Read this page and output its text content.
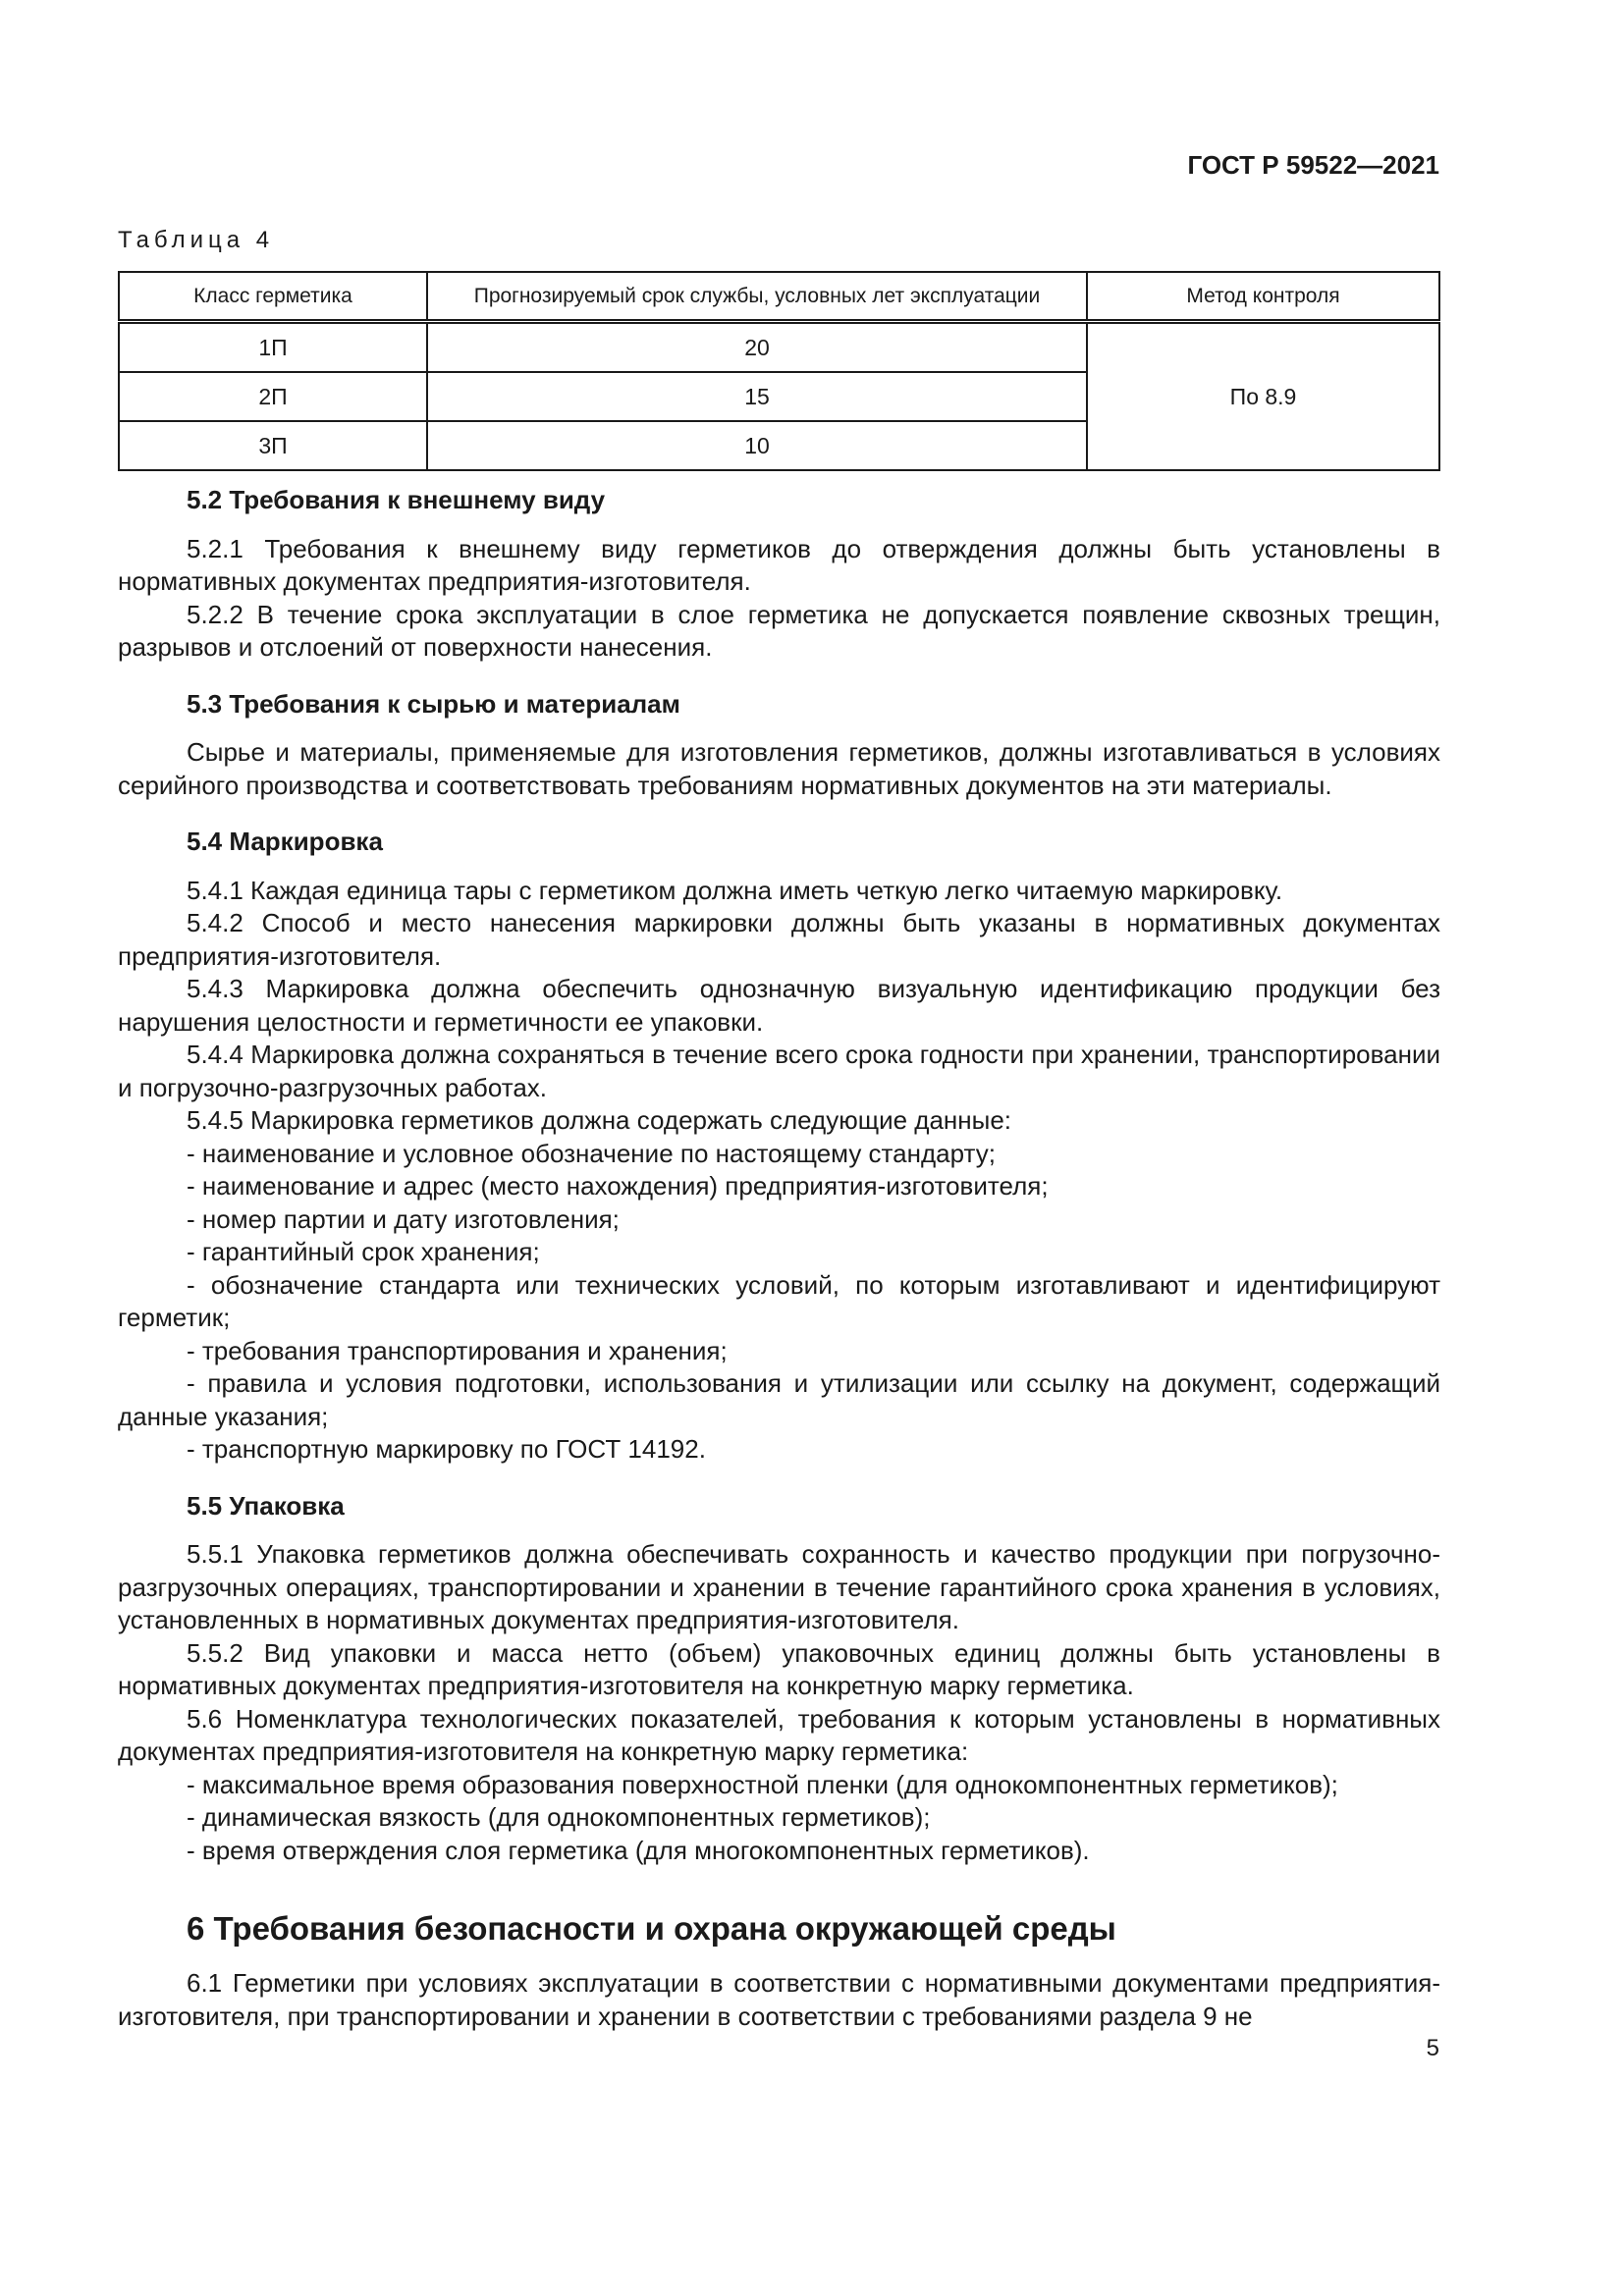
ГОСТ Р 59522—2021
Таблица 4
Класс герметика	Прогнозируемый срок службы, условных лет эксплуатации	Метод контроля
1П	20	По 8.9
2П	15	
3П	10	
5.2 Требования к внешнему виду

5.2.1 Требования к внешнему виду герметиков до отверждения должны быть установлены в нормативных документах предприятия-изготовителя.

5.2.2 В течение срока эксплуатации в слое герметика не допускается появление сквозных трещин, разрывов и отслоений от поверхности нанесения.

5.3 Требования к сырью и материалам

Сырье и материалы, применяемые для изготовления герметиков, должны изготавливаться в условиях серийного производства и соответствовать требованиям нормативных документов на эти материалы.

5.4 Маркировка

5.4.1 Каждая единица тары с герметиком должна иметь четкую легко читаемую маркировку.

5.4.2 Способ и место нанесения маркировки должны быть указаны в нормативных документах предприятия-изготовителя.

5.4.3 Маркировка должна обеспечить однозначную визуальную идентификацию продукции без нарушения целостности и герметичности ее упаковки.

5.4.4 Маркировка должна сохраняться в течение всего срока годности при хранении, транспортировании и погрузочно-разгрузочных работах.

5.4.5 Маркировка герметиков должна содержать следующие данные:

- наименование и условное обозначение по настоящему стандарту;

- наименование и адрес (место нахождения) предприятия-изготовителя;

- номер партии и дату изготовления;

- гарантийный срок хранения;

- обозначение стандарта или технических условий, по которым изготавливают и идентифицируют герметик;

- требования транспортирования и хранения;

- правила и условия подготовки, использования и утилизации или ссылку на документ, содержащий данные указания;

- транспортную маркировку по ГОСТ 14192.

5.5 Упаковка

5.5.1 Упаковка герметиков должна обеспечивать сохранность и качество продукции при погрузочно-разгрузочных операциях, транспортировании и хранении в течение гарантийного срока хранения в условиях, установленных в нормативных документах предприятия-изготовителя.

5.5.2 Вид упаковки и масса нетто (объем) упаковочных единиц должны быть установлены в нормативных документах предприятия-изготовителя на конкретную марку герметика.

5.6 Номенклатура технологических показателей, требования к которым установлены в нормативных документах предприятия-изготовителя на конкретную марку герметика:

- максимальное время образования поверхностной пленки (для однокомпонентных герметиков);

- динамическая вязкость (для однокомпонентных герметиков);

- время отверждения слоя герметика (для многокомпонентных герметиков).

6 Требования безопасности и охрана окружающей среды

6.1 Герметики при условиях эксплуатации в соответствии с нормативными документами предприятия-изготовителя, при транспортировании и хранении в соответствии с требованиями раздела 9 не

5
